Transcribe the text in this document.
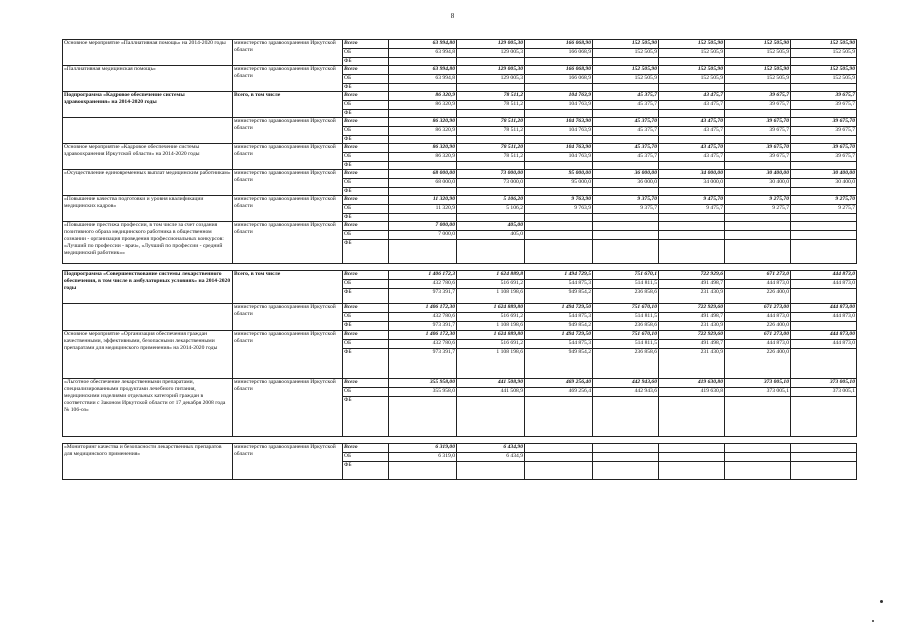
8
Основное мероприятие «Паллиативная помощь» на 2014-2020 годы	министерство здравоохранения Иркутской области	Всего	63 994,80	129 005,30	166 068,90	152 505,90	152 505,90	152 505,90	152 505,90
		ОБ	63 994,8	129 005,3	166 068,9	152 505,9	152 505,9	152 505,9	152 505,9
		ФБ							
«Паллиативная медицинская помощь»	министерство здравоохранения Иркутской области	Всего	63 994,80	129 005,30	166 068,90	152 505,90	152 505,90	152 505,90	152 505,90
		ОБ	63 994,8	129 005,3	166 068,9	152 505,9	152 505,9	152 505,9	152 505,9
		ФБ							
Подпрограмма «Кадровое обеспечение системы здравоохранения» на 2014-2020 годы	Всего, в том числе	Всего	86 320,9	78 511,2	104 763,9	45 375,7	43 475,7	39 675,7	39 675,7
		ОБ	86 320,9	78 511,2	104 763,9	45 375,7	43 475,7	39 675,7	39 675,7
		ФБ							
	министерство здравоохранения Иркутской области	Всего	86 320,90	78 511,20	104 763,90	45 375,70	43 475,70	39 675,70	39 675,70
		ОБ	86 320,9	78 511,2	104 763,9	45 375,7	43 475,7	39 675,7	39 675,7
		ФБ							
Основное мероприятие «Кадровое обеспечение системы здравоохранения Иркутской области» на 2014-2020 годы	министерство здравоохранения Иркутской области	Всего	86 320,90	78 511,20	104 763,90	45 375,70	43 475,70	39 675,70	39 675,70
		ОБ	86 320,9	78 511,2	104 763,9	45 375,7	43 475,7	39 675,7	39 675,7
		ФБ							
«Осуществление единовременных выплат медицинским работникам»	министерство здравоохранения Иркутской области	Всего	68 000,00	73 000,00	95 000,00	36 000,00	34 000,00	30 400,00	30 400,00
		ОБ	68 000,0	73 000,0	95 000,0	36 000,0	34 000,0	30 400,0	30 400,0
		ФБ							
«Повышение качества подготовки и уровня квалификации медицинских кадров»	министерство здравоохранения Иркутской области	Всего	11 320,90	5 106,20	9 763,90	9 375,70	9 475,70	9 275,70	9 275,70
		ОБ	11 320,9	5 106,2	9 763,9	9 375,7	9 475,7	9 275,7	9 275,7
		ФБ							
«Повышение престижа профессии, в том числе за счет создания позитивного образа медицинского работника в общественном сознании - организация проведения профессиональных конкурсов: «Лучший по профессии - врач», «Лучший по профессии - средний медицинский работник»»	министерство здравоохранения Иркутской области	Всего	7 000,00	405,00					
		ОБ	7 000,0	405,0					
		ФБ							

Подпрограмма «Совершенствование системы лекарственного обеспечения, в том числе в амбулаторных условиях» на 2014-2020 годы	Всего, в том числе	Всего	1 406 172,3	1 624 889,8	1 494 729,5	751 670,1	722 929,6	671 273,0	444 873,0
		ОБ	432 780,6	516 691,2	544 875,3	514 811,5	491 498,7	444 873,0	444 873,0
		ФБ	973 391,7	1 108 198,6	949 854,2	236 858,6	231 430,9	226 400,0	
	министерство здравоохранения Иркутской области	Всего	1 406 172,30	1 624 889,80	1 494 729,50	751 670,10	722 929,60	671 273,00	444 873,00
		ОБ	432 780,6	516 691,2	544 875,3	514 811,5	491 498,7	444 873,0	444 873,0
		ФБ	973 391,7	1 108 198,6	949 854,2	236 858,6	231 430,9	226 400,0	
Основное мероприятие «Организация обеспечения граждан качественными, эффективными, безопасными лекарственными препаратами для медицинского применения» на 2014-2020 годы	министерство здравоохранения Иркутской области	Всего	1 406 172,30	1 624 889,80	1 494 729,50	751 670,10	722 929,60	671 273,00	444 873,00
		ОБ	432 780,6	516 691,2	544 875,3	514 811,5	491 498,7	444 873,0	444 873,0
		ФБ	973 391,7	1 108 198,6	949 854,2	236 858,6	231 430,9	226 400,0	
«Льготное обеспечение лекарственными препаратами, специализированными продуктами лечебного питания, медицинскими изделиями отдельных категорий граждан в соответствии с Законом Иркутской области от 17 декабря 2008 года № 106-оз»	министерство здравоохранения Иркутской области	Всего	355 958,00	441 508,90	469 256,40	442 943,60	419 630,80	373 005,10	373 005,10
		ОБ	355 958,0	441 508,9	469 256,4	442 943,6	419 630,8	373 005,1	373 005,1
		ФБ							

«Мониторинг качества и безопасности лекарственных препаратов для медицинского применения»	министерство здравоохранения Иркутской области	Всего	6 319,00	6 434,90					
		ОБ	6 319,0	6 434,9					
		ФБ							
